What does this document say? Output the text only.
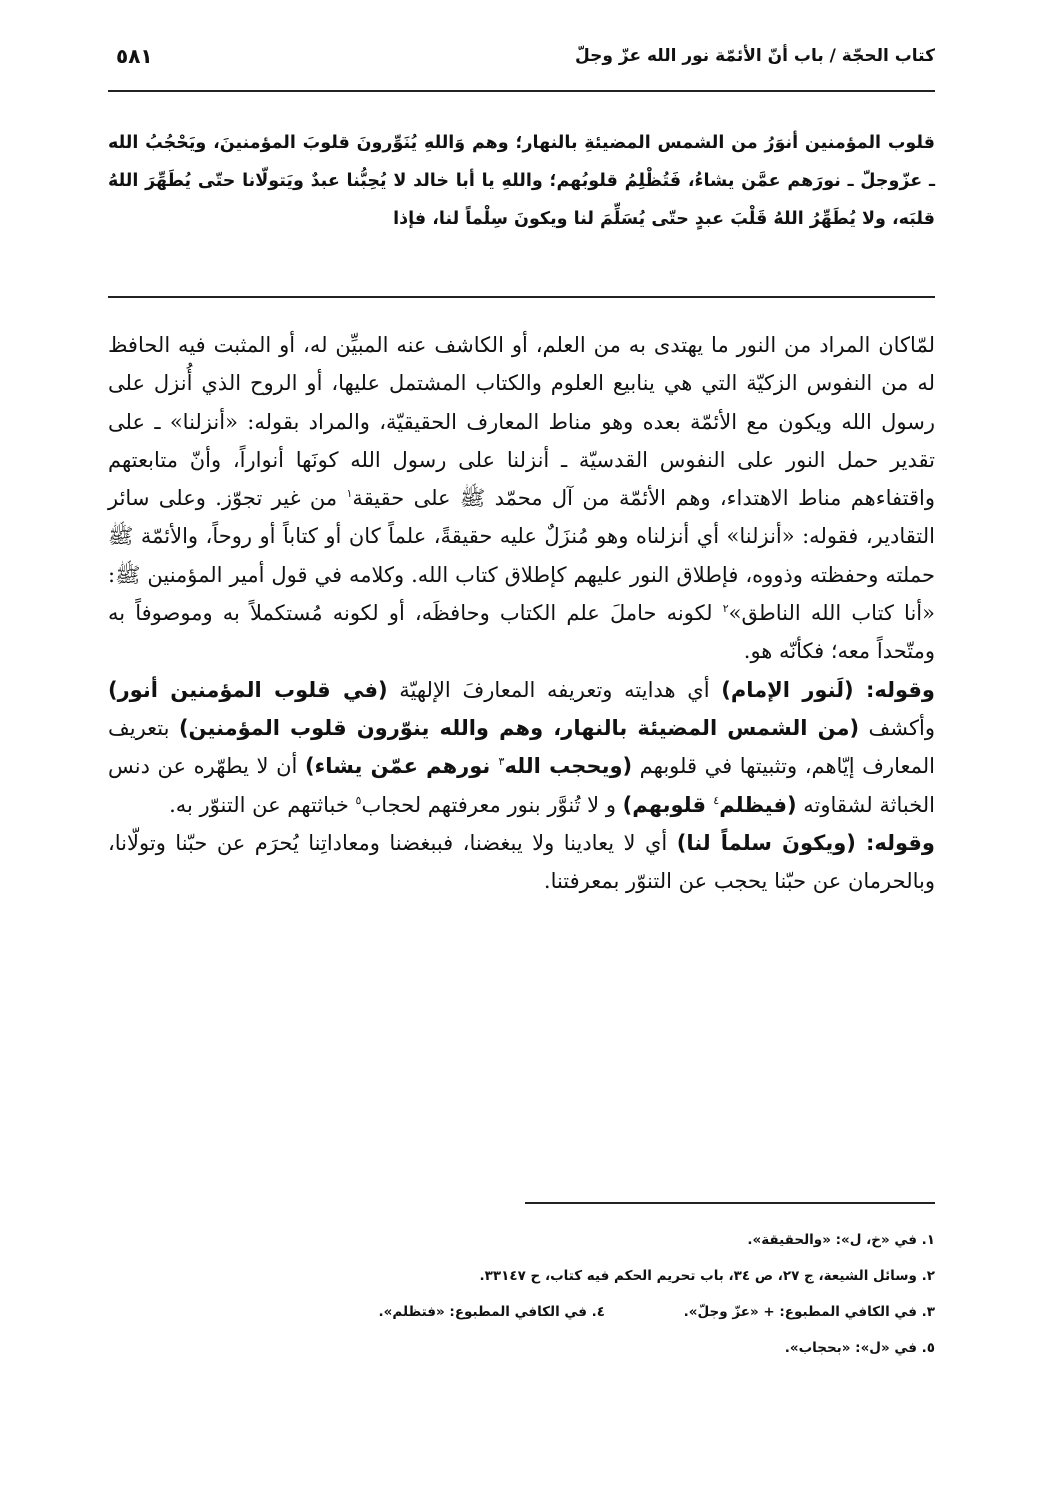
كتاب الحجّة / باب أنّ الأئمّة نور الله عزّ وجلّ
٥٨١
قلوب المؤمنين أنوَرُ من الشمس المضيئةِ بالنهار؛ وهم وَاللهِ يُنَوِّرونَ قلوبَ المؤمنينَ، ويَحْجُبُ الله ـ عزّوجلّ ـ نورَهم عمَّن يشاءُ، فَتُظْلِمُ قلوبُهم؛ واللهِ يا أبا خالد لا يُحِبُّنا عبدٌ ويَتولّانا حتّى يُطَهِّرَ اللهُ قلبَه، ولا يُطَهِّرُ اللهُ قَلْبَ عبدٍ حتّى يُسَلِّمَ لنا ويكونَ سِلْماً لنا، فإذا

لمّاكان المراد من النور ما يهتدى به من العلم، أو الكاشف عنه المبيِّن له، أو المثبت فيه الحافظ له من النفوس الزكيّة التي هي ينابيع العلوم والكتاب المشتمل عليها، أو الروح الذي أُنزل على رسول الله ويكون مع الأئمّة بعده وهو مناط المعارف الحقيقيّة، والمراد بقوله: «أنزلنا» ـ على تقدير حمل النور على النفوس القدسيّة ـ أنزلنا على رسول الله كونَها أنواراً، وأنّ متابعتهم واقتفاءهم مناط الاهتداء، وهم الأئمّة من آل محمّد ﷺ على حقيقة$^١$ من غير تجوّز. وعلى سائر التقادير، فقوله: «أنزلنا» أي أنزلناه وهو مُنزَلٌ عليه حقيقةً، علماً كان أو كتاباً أو روحاً، والأئمّة ﷺ حملته وحفظته وذووه، فإطلاق النور عليهم كإطلاق كتاب الله. وكلامه في قول أمير المؤمنين ﷺ: «أنا كتاب الله الناطق»$^٢$ لكونه حاملَ علم الكتاب وحافظَه، أو لكونه مُستكملاً به وموصوفاً به ومتّحداً معه؛ فكأنّه هو.

وقوله: (لَنور الإمام) أي هدايته وتعريفه المعارفَ الإلهيّة (في قلوب المؤمنين أنور) وأكشف (من الشمس المضيئة بالنهار، وهم والله ينوّرون قلوب المؤمنين) بتعريف المعارف إيّاهم، وتثبيتها في قلوبهم (ويحجب الله$^٣$ نورهم عمّن يشاء) أن لا يطهّره عن دنس الخباثة لشقاوته (فيظلم$^٤$ قلوبهم) و لا تُنوَّر بنور معرفتهم لحجاب$^٥$ خباثتهم عن التنوّر به.

وقوله: (ويكونَ سلماً لنا) أي لا يعادينا ولا يبغضنا، فببغضنا ومعاداتِنا يُحرَم عن حبّنا وتولّانا، وبالحرمان عن حبّنا يحجب عن التنوّر بمعرفتنا.

١. في «خ، ل»: «والحقيقة».
٢. وسائل الشيعة، ج ٢٧، ص ٣٤، باب تحريم الحكم فيه كتاب، ح ٣٣١٤٧.
٣. في الكافي المطبوع: + «عزّ وجلّ».
٤. في الكافي المطبوع: «فتظلم».
٥. في «ل»: «بحجاب».
